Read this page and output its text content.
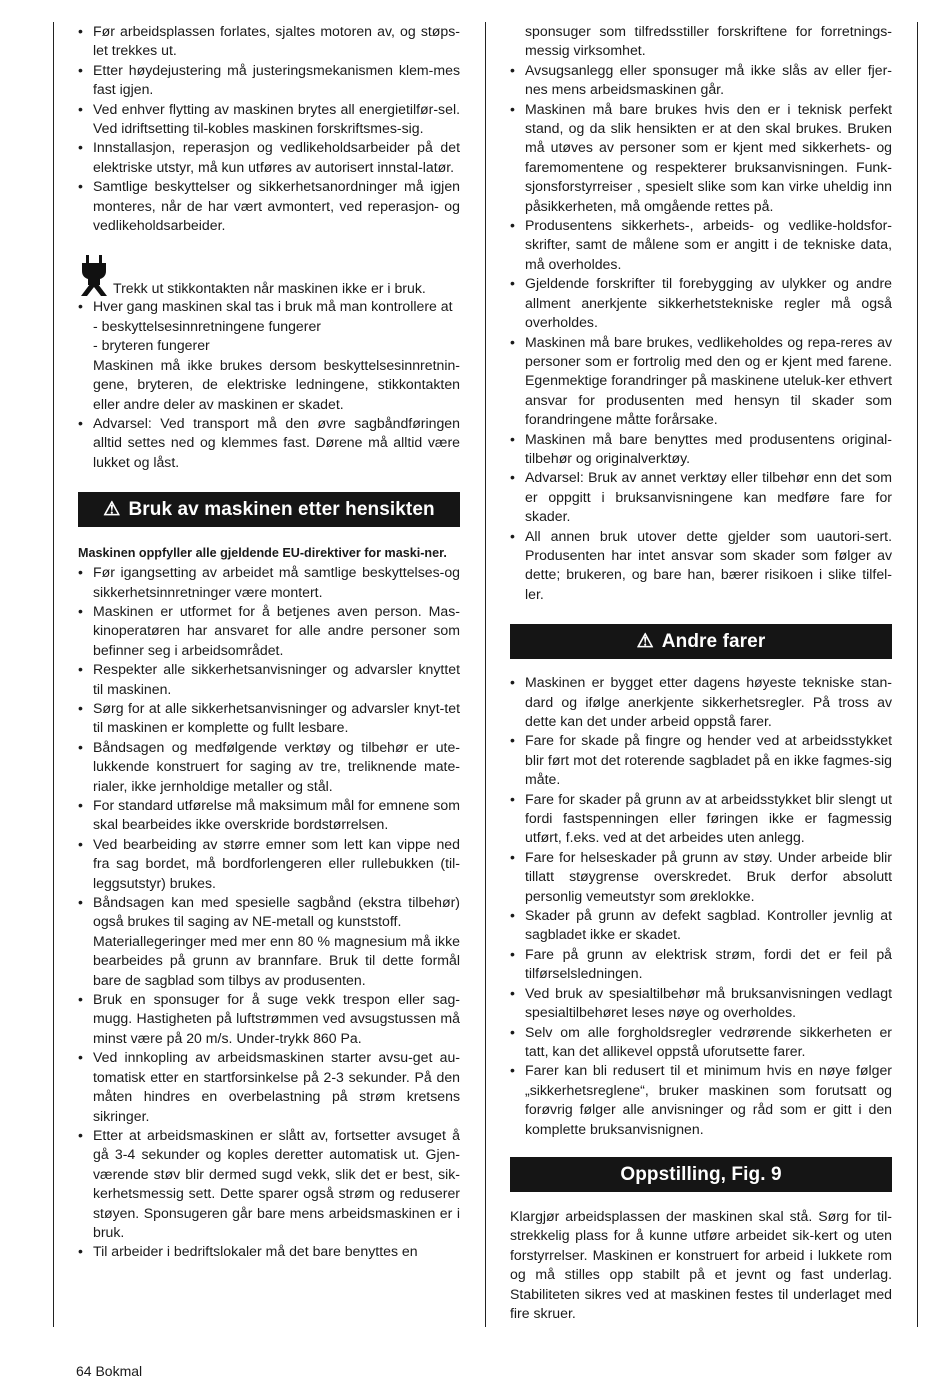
• Før arbeidsplassen forlates, sjaltes motoren av, og støps-let trekkes ut.
• Etter høydejustering må justeringsmekanismen klem-mes fast igjen.
• Ved enhver flytting av maskinen brytes all energietilfør-sel. Ved idriftsetting til-kobles maskinen forskriftsmes-sig.
• Innstallasjon, reperasjon og vedlikeholdsarbeider på det elektriske utstyr, må kun utføres av autorisert innstal-latør.
• Samtlige beskyttelser og sikkerhetsanordninger må igjen monteres, når de har vært avmontert, ved reperasjon- og vedlikeholdsarbeider.
Trekk ut stikkontakten når maskinen ikke er i bruk.
• Hver gang maskinen skal tas i bruk må man kontrollere at
- beskyttelsesinnretningene fungerer
- bryteren fungerer
Maskinen må ikke brukes dersom beskyttelsesinnretnin-gene, bryteren, de elektriske ledningene, stikkontakten eller andre deler av maskinen er skadet.
• Advarsel: Ved transport må den øvre sagbåndføringen alltid settes ned og klemmes fast. Dørene må alltid være lukket og låst.
⚠ Bruk av maskinen etter hensikten

Maskinen oppfyller alle gjeldende EU-direktiver for maski-ner.

• Før igangsetting av arbeidet må samtlige beskyttelses-og sikkerhetsinnretninger være montert.
• Maskinen er utformet for å betjenes aven person. Mas-kinoperatøren har ansvaret for alle andre personer som befinner seg i arbeidsområdet.
• Respekter alle sikkerhetsanvisninger og advarsler knyttet til maskinen.
• Sørg for at alle sikkerhetsanvisninger og advarsler knyt-tet til maskinen er komplette og fullt lesbare.
• Båndsagen og medfølgende verktøy og tilbehør er ute-lukkende konstruert for saging av tre, treliknende mate-rialer, ikke jernholdige metaller og stål.
• For standard utførelse må maksimum mål for emnene som skal bearbeides ikke overskride bordstørrelsen.
• Ved bearbeiding av større emner som lett kan vippe ned fra sag bordet, må bordforlengeren eller rullebukken (til-leggsutstyr) brukes.
• Båndsagen kan med spesielle sagbånd (ekstra tilbehør) også brukes til saging av NE-metall og kunststoff.
Materiallegeringer med mer enn 80 % magnesium må ikke bearbeides på grunn av brannfare. Bruk til dette formål bare de sagblad som tilbys av produsenten.
• Bruk en sponsuger for å suge vekk trespon eller sag-mugg. Hastigheten på luftstrømmen ved avsugstussen må minst være på 20 m/s. Under-trykk 860 Pa.
• Ved innkopling av arbeidsmaskinen starter avsu-get au-tomatisk etter en startforsinkelse på 2-3 sekunder. På den måten hindres en overbelastning på strøm kretsens sikringer.
• Etter at arbeidsmaskinen er slått av, fortsetter avsuget å gå 3-4 sekunder og koples deretter automatisk ut. Gjen-værende støv blir dermed sugd vekk, slik det er best, sik-kerhetsmessig sett. Dette sparer også strøm og reduserer støyen. Sponsugeren går bare mens arbeidsmaskinen er i bruk.
• Til arbeider i bedriftslokaler må det bare benyttes en
sponsuger som tilfredsstiller forskriftene for forretnings-messig virksomhet.
• Avsugsanlegg eller sponsuger må ikke slås av eller fjer-nes mens arbeidsmaskinen går.
• Maskinen må bare brukes hvis den er i teknisk perfekt stand, og da slik hensikten er at den skal brukes. Bruken må utøves av personer som er kjent med sikkerhets- og faremomentene og respekterer bruksanvisningen. Funk-sjonsforstyrreiser , spesielt slike som kan virke uheldig inn påsikkerheten, må omgående rettes på.
• Produsentens sikkerhets-, arbeids- og vedlike-holdsfor-skrifter, samt de målene som er angitt i de tekniske data, må overholdes.
• Gjeldende forskrifter til forebygging av ulykker og andre allment anerkjente sikkerhetstekniske regler må også overholdes.
• Maskinen må bare brukes, vedlikeholdes og repa-reres av personer som er fortrolig med den og er kjent med farene. Egenmektige forandringer på maskinene uteluk-ker ethvert ansvar for produsenten med hensyn til skader som forandringene måtte forårsake.
• Maskinen må bare benyttes med produsentens original-tilbehør og originalverktøy.
• Advarsel: Bruk av annet verktøy eller tilbehør enn det som er oppgitt i bruksanvisningene kan medføre fare for skader.
• All annen bruk utover dette gjelder som uautori-sert. Produsenten har intet ansvar som skader som følger av dette; brukeren, og bare han, bærer risikoen i slike tilfel-ler.
⚠ Andre farer
• Maskinen er bygget etter dagens høyeste tekniske stan-dard og ifølge anerkjente sikkerhetsregler. På tross av dette kan det under arbeid oppstå farer.
• Fare for skade på fingre og hender ved at arbeidsstykket blir ført mot det roterende sagbladet på en ikke fagmes-sig måte.
• Fare for skader på grunn av at arbeidsstykket blir slengt ut fordi fastspenningen eller føringen ikke er fagmessig utført, f.eks. ved at det arbeides uten anlegg.
• Fare for helseskader på grunn av støy. Under arbeide blir tillatt støygrense overskredet. Bruk derfor absolutt personlig vemeutstyr som øreklokke.
• Skader på grunn av defekt sagblad. Kontroller jevnlig at sagbladet ikke er skadet.
• Fare på grunn av elektrisk strøm, fordi det er feil på tilførselsledningen.
• Ved bruk av spesialtilbehør må bruksanvisningen vedlagt spesialtilbehøret leses nøye og overholdes.
• Selv om alle forgholdsregler vedrørende sikkerheten er tatt, kan det allikevel oppstå uforutsette farer.
• Farer kan bli redusert til et minimum hvis en nøye følger „sikkerhetsreglene“, bruker maskinen som forutsatt og forøvrig følger alle anvisninger og råd som er gitt i den komplette bruksanvisnignen.
Oppstilling, Fig. 9

Klargjør arbeidsplassen der maskinen skal stå. Sørg for til-strekkelig plass for å kunne utføre arbeidet sik-kert og uten forstyrrelser. Maskinen er konstruert for arbeid i lukkete rom og må stilles opp stabilt på et jevnt og fast underlag. Stabiliteten sikres ved at maskinen festes til underlaget med fire skruer.

64 Bokmal
